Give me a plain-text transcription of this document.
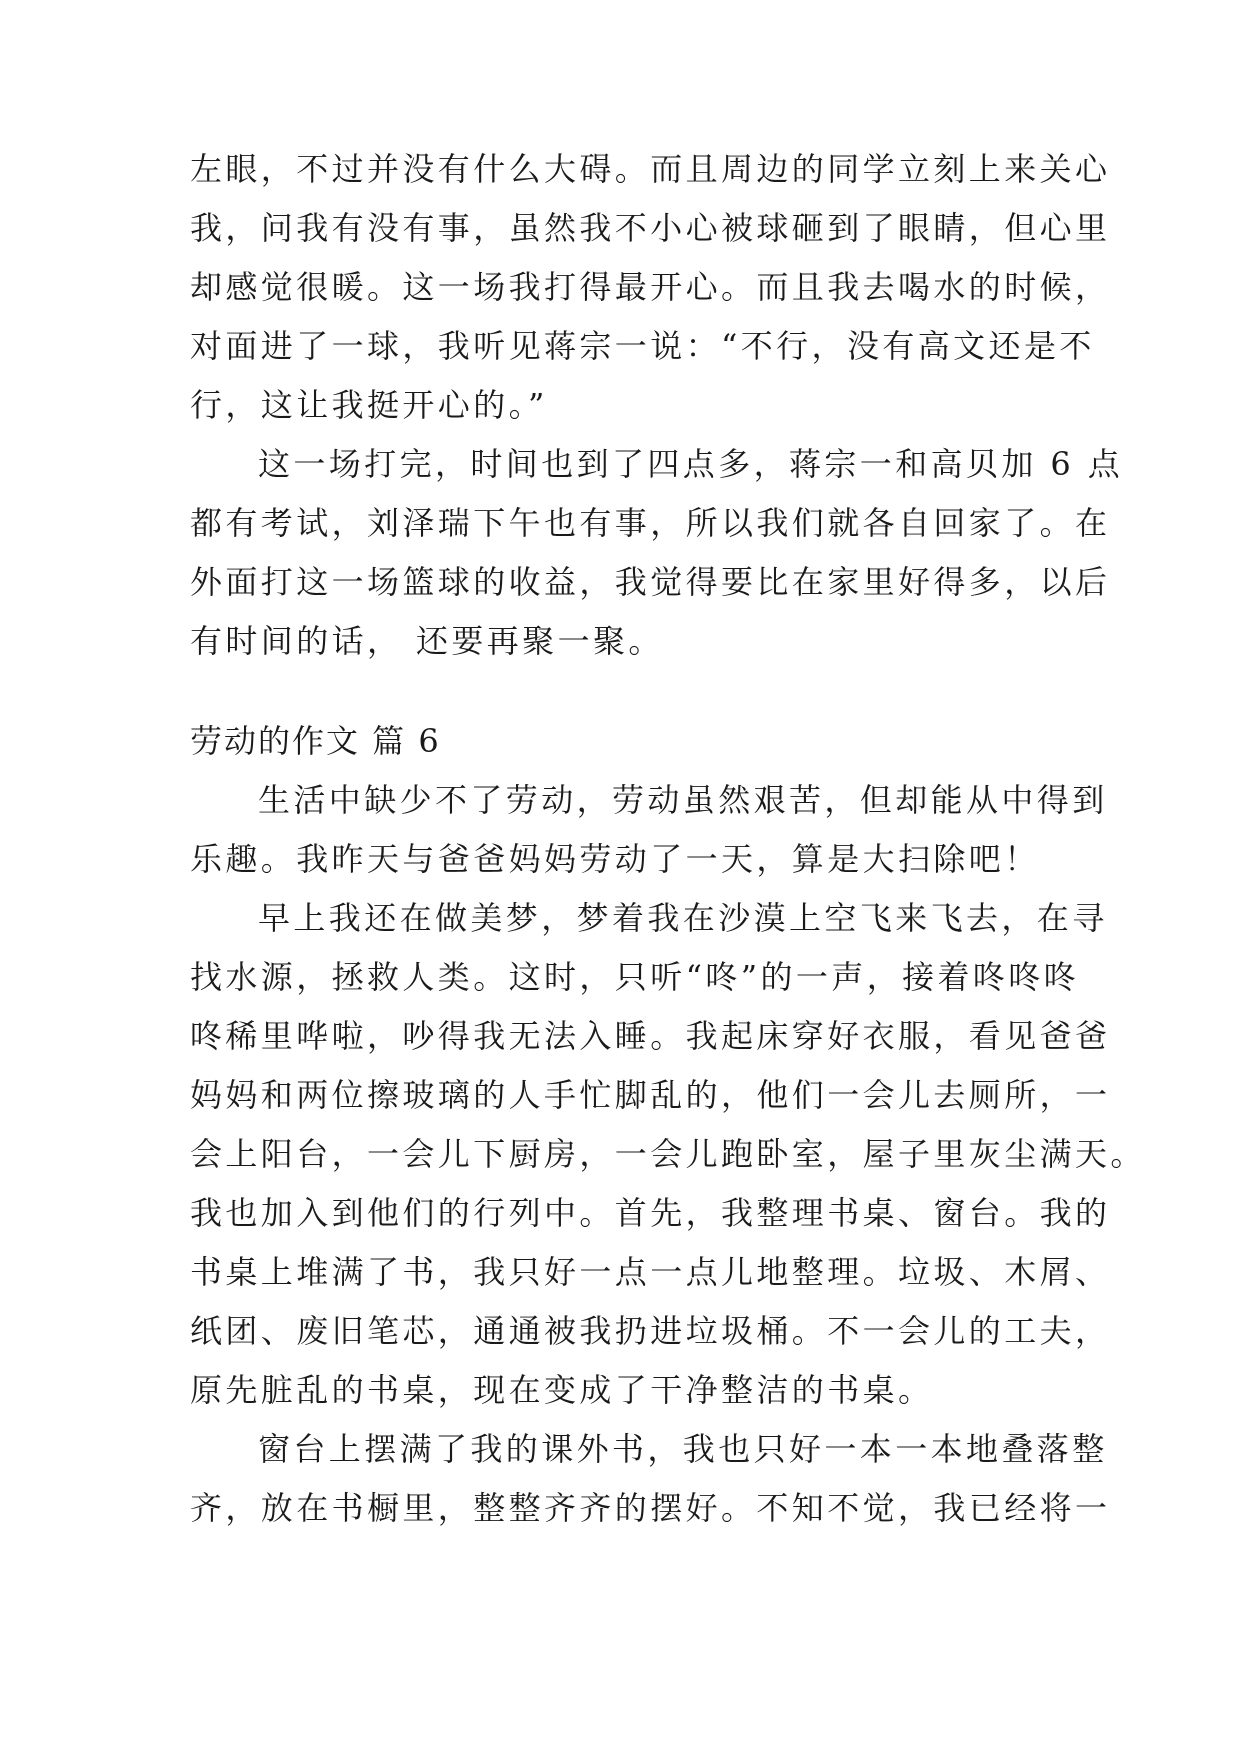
左眼，不过并没有什么大碍。而且周边的同学立刻上来关心
我，问我有没有事，虽然我不小心被球砸到了眼睛，但心里
却感觉很暖。这一场我打得最开心。而且我去喝水的时候，
对面进了一球，我听见蒋宗一说：“不行，没有高文还是不
行，这让我挺开心的。”
这一场打完，时间也到了四点多，蒋宗一和高贝加 6 点
都有考试，刘泽瑞下午也有事，所以我们就各自回家了。在
外面打这一场篮球的收益，我觉得要比在家里好得多，以后
有时间的话， 还要再聚一聚。
劳动的作文 篇 6
生活中缺少不了劳动，劳动虽然艰苦，但却能从中得到
乐趣。我昨天与爸爸妈妈劳动了一天，算是大扫除吧！
早上我还在做美梦，梦着我在沙漠上空飞来飞去，在寻
找水源，拯救人类。这时，只听“咚”的一声，接着咚咚咚
咚稀里哗啦，吵得我无法入睡。我起床穿好衣服，看见爸爸
妈妈和两位擦玻璃的人手忙脚乱的，他们一会儿去厕所，一
会上阳台，一会儿下厨房，一会儿跑卧室，屋子里灰尘满天。
我也加入到他们的行列中。首先，我整理书桌、窗台。我的
书桌上堆满了书，我只好一点一点儿地整理。垃圾、木屑、
纸团、废旧笔芯，通通被我扔进垃圾桶。不一会儿的工夫，
原先脏乱的书桌，现在变成了干净整洁的书桌。
窗台上摆满了我的课外书，我也只好一本一本地叠落整
齐，放在书橱里，整整齐齐的摆好。不知不觉，我已经将一
